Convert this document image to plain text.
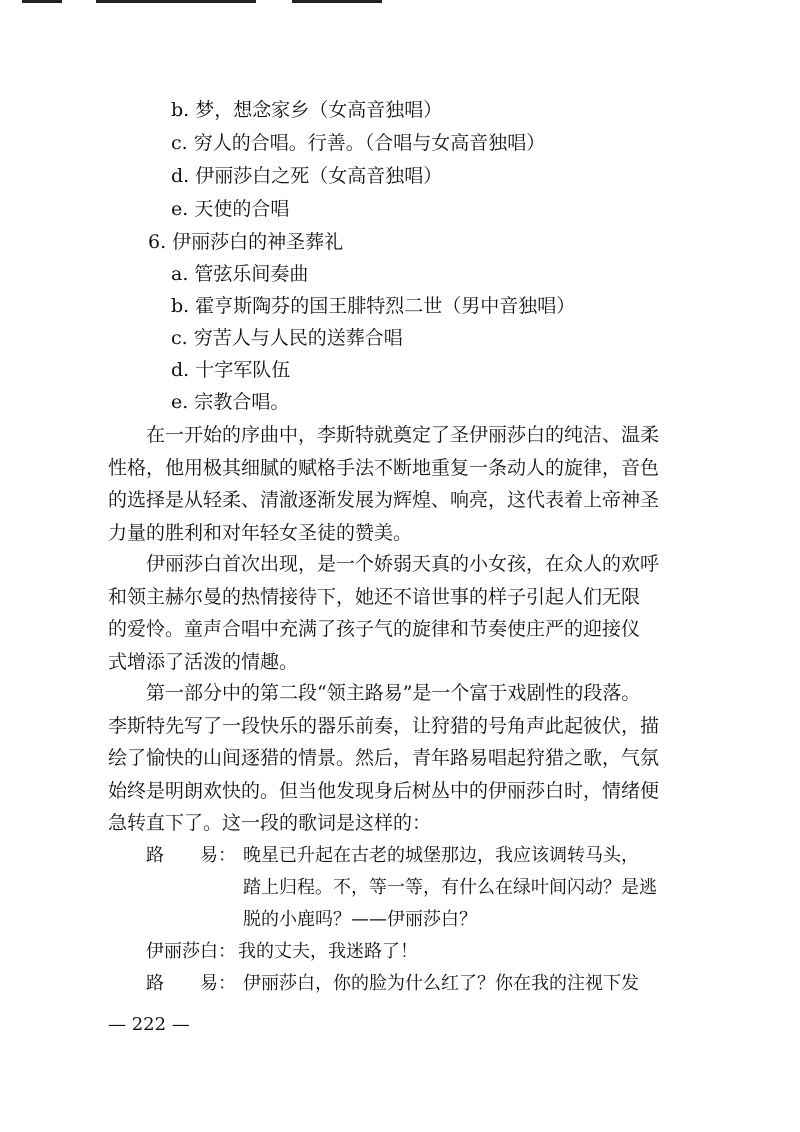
b. 梦，想念家乡（女高音独唱）
c. 穷人的合唱。行善。（合唱与女高音独唱）
d. 伊丽莎白之死（女高音独唱）
e. 天使的合唱
6. 伊丽莎白的神圣葬礼
a. 管弦乐间奏曲
b. 霍亨斯陶芬的国王腓特烈二世（男中音独唱）
c. 穷苦人与人民的送葬合唱
d. 十字军队伍
e. 宗教合唱。
在一开始的序曲中，李斯特就奠定了圣伊丽莎白的纯洁、温柔
性格，他用极其细腻的赋格手法不断地重复一条动人的旋律，音色
的选择是从轻柔、清澈逐渐发展为辉煌、响亮，这代表着上帝神圣
力量的胜利和对年轻女圣徒的赞美。
伊丽莎白首次出现，是一个娇弱天真的小女孩，在众人的欢呼
和领主赫尔曼的热情接待下，她还不谙世事的样子引起人们无限
的爱怜。童声合唱中充满了孩子气的旋律和节奏使庄严的迎接仪
式增添了活泼的情趣。
第一部分中的第二段“领主路易”是一个富于戏剧性的段落。
李斯特先写了一段快乐的器乐前奏，让狩猎的号角声此起彼伏，描
绘了愉快的山间逐猎的情景。然后，青年路易唱起狩猎之歌，气氛
始终是明朗欢快的。但当他发现身后树丛中的伊丽莎白时，情绪便
急转直下了。这一段的歌词是这样的：
路　　易： 晚星已升起在古老的城堡那边，我应该调转马头，
踏上归程。不，等一等，有什么在绿叶间闪动？是逃
脱的小鹿吗？——伊丽莎白？
伊丽莎白： 我的丈夫，我迷路了！
路　　易： 伊丽莎白，你的脸为什么红了？你在我的注视下发
— 222 —
